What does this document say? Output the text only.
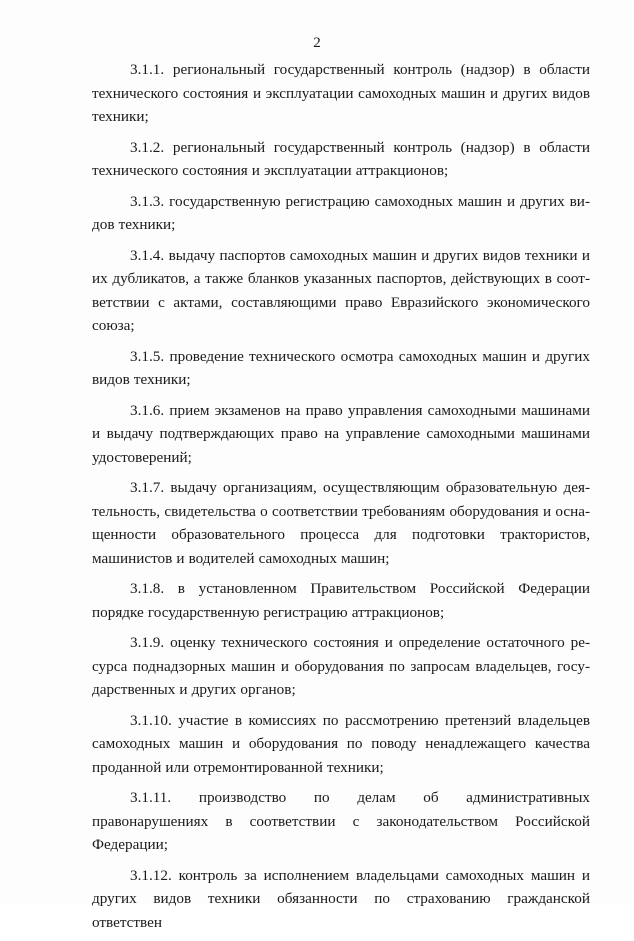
2

3.1.1. региональный государственный контроль (надзор) в области технического состояния и эксплуатации самоходных машин и других видов техники;

3.1.2. региональный государственный контроль (надзор) в области технического состояния и эксплуатации аттракционов;

3.1.3. государственную регистрацию самоходных машин и других видов техники;

3.1.4. выдачу паспортов самоходных машин и других видов техники и их дубликатов, а также бланков указанных паспортов, действующих в соответствии с актами, составляющими право Евразийского экономического союза;

3.1.5. проведение технического осмотра самоходных машин и других видов техники;

3.1.6. прием экзаменов на право управления самоходными машинами и выдачу подтверждающих право на управление самоходными машинами удостоверений;

3.1.7. выдачу организациям, осуществляющим образовательную деятельность, свидетельства о соответствии требованиям оборудования и оснащенности образовательного процесса для подготовки трактористов, машинистов и водителей самоходных машин;

3.1.8. в установленном Правительством Российской Федерации порядке государственную регистрацию аттракционов;

3.1.9. оценку технического состояния и определение остаточного ресурса поднадзорных машин и оборудования по запросам владельцев, государственных и других органов;

3.1.10. участие в комиссиях по рассмотрению претензий владельцев самоходных машин и оборудования по поводу ненадлежащего качества проданной или отремонтированной техники;

3.1.11. производство по делам об административных правонарушениях в соответствии с законодательством Российской Федерации;

3.1.12. контроль за исполнением владельцами самоходных машин и других видов техники обязанности по страхованию гражданской ответствен
